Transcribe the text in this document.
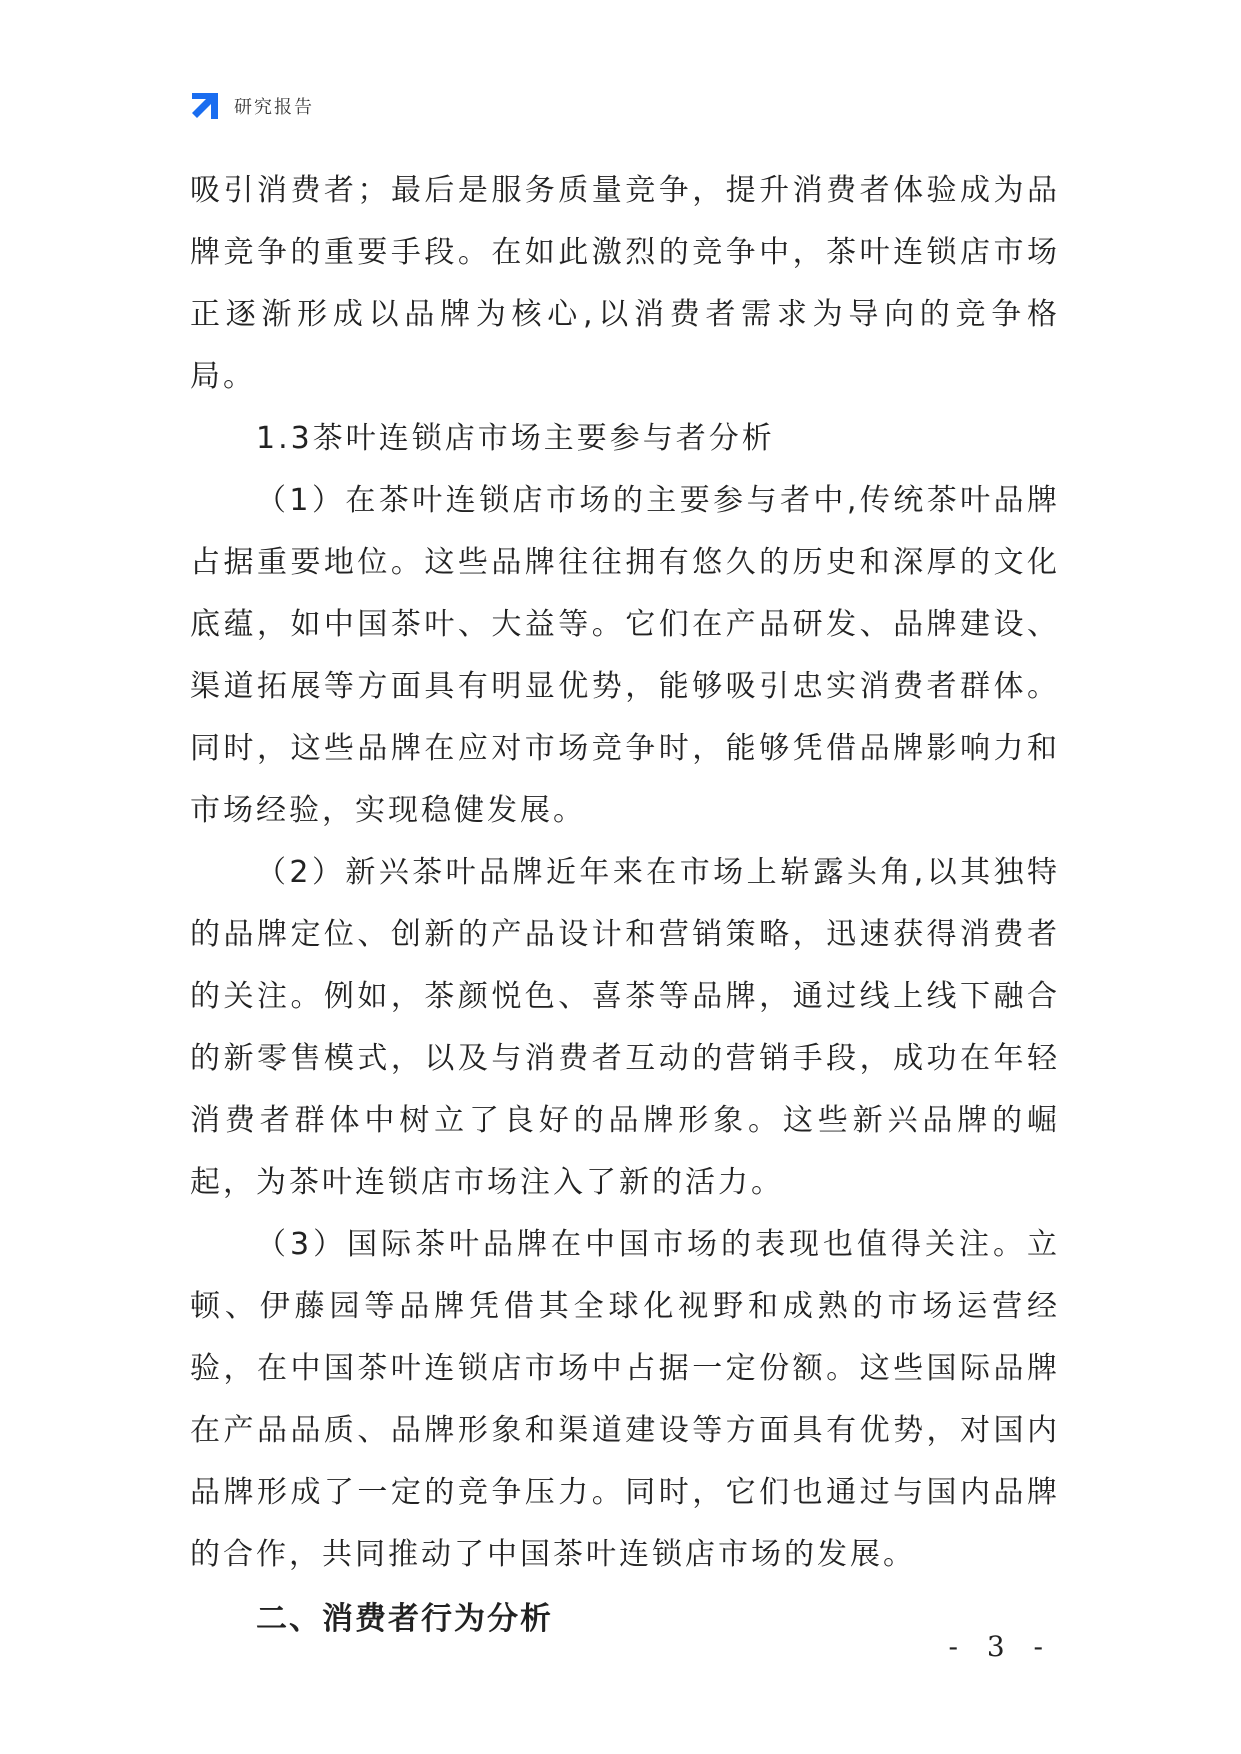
研究报告

吸引消费者；最后是服务质量竞争，提升消费者体验成为品牌竞争的重要手段。在如此激烈的竞争中，茶叶连锁店市场正逐渐形成以品牌为核心,以消费者需求为导向的竞争格局。

1.3茶叶连锁店市场主要参与者分析

（1）在茶叶连锁店市场的主要参与者中,传统茶叶品牌占据重要地位。这些品牌往往拥有悠久的历史和深厚的文化底蕴，如中国茶叶、大益等。它们在产品研发、品牌建设、渠道拓展等方面具有明显优势，能够吸引忠实消费者群体。同时，这些品牌在应对市场竞争时，能够凭借品牌影响力和市场经验，实现稳健发展。

（2）新兴茶叶品牌近年来在市场上崭露头角,以其独特的品牌定位、创新的产品设计和营销策略，迅速获得消费者的关注。例如，茶颜悦色、喜茶等品牌，通过线上线下融合的新零售模式，以及与消费者互动的营销手段，成功在年轻消费者群体中树立了良好的品牌形象。这些新兴品牌的崛起，为茶叶连锁店市场注入了新的活力。

（3）国际茶叶品牌在中国市场的表现也值得关注。立顿、伊藤园等品牌凭借其全球化视野和成熟的市场运营经验，在中国茶叶连锁店市场中占据一定份额。这些国际品牌在产品品质、品牌形象和渠道建设等方面具有优势，对国内品牌形成了一定的竞争压力。同时，它们也通过与国内品牌的合作，共同推动了中国茶叶连锁店市场的发展。

二、消费者行为分析

- 3 -
